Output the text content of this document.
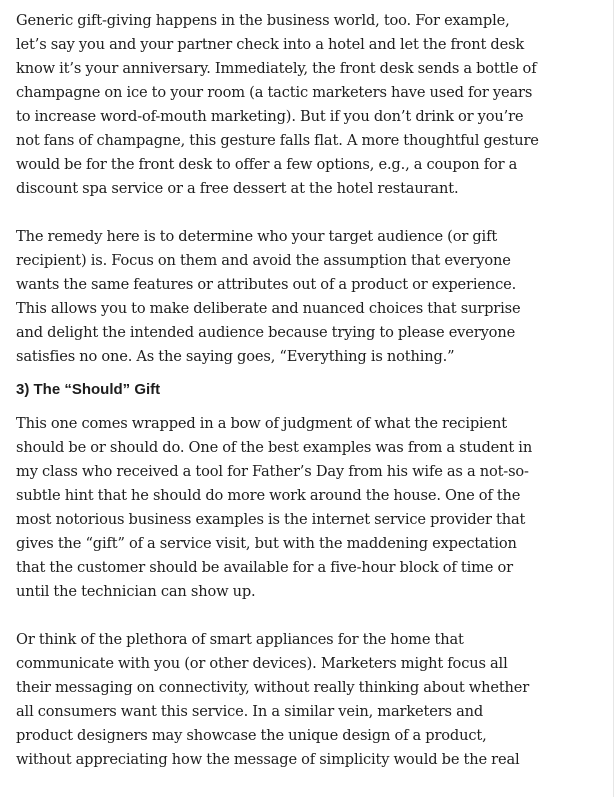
Generic gift-giving happens in the business world, too. For example,
let’s say you and your partner check into a hotel and let the front desk
know it’s your anniversary. Immediately, the front desk sends a bottle of
champagne on ice to your room (a tactic marketers have used for years
to increase word-of-mouth marketing). But if you don’t drink or you’re
not fans of champagne, this gesture falls flat. A more thoughtful gesture
would be for the front desk to offer a few options, e.g., a coupon for a
discount spa service or a free dessert at the hotel restaurant.

The remedy here is to determine who your target audience (or gift
recipient) is. Focus on them and avoid the assumption that everyone
wants the same features or attributes out of a product or experience.
This allows you to make deliberate and nuanced choices that surprise
and delight the intended audience because trying to please everyone
satisfies no one. As the saying goes, “Everything is nothing.”

3) The “Should” Gift

This one comes wrapped in a bow of judgment of what the recipient
should be or should do. One of the best examples was from a student in
my class who received a tool for Father’s Day from his wife as a not-so-
subtle hint that he should do more work around the house. One of the
most notorious business examples is the internet service provider that
gives the “gift” of a service visit, but with the maddening expectation
that the customer should be available for a five-hour block of time or
until the technician can show up.

Or think of the plethora of smart appliances for the home that
communicate with you (or other devices). Marketers might focus all
their messaging on connectivity, without really thinking about whether
all consumers want this service. In a similar vein, marketers and
product designers may showcase the unique design of a product,
without appreciating how the message of simplicity would be the real
